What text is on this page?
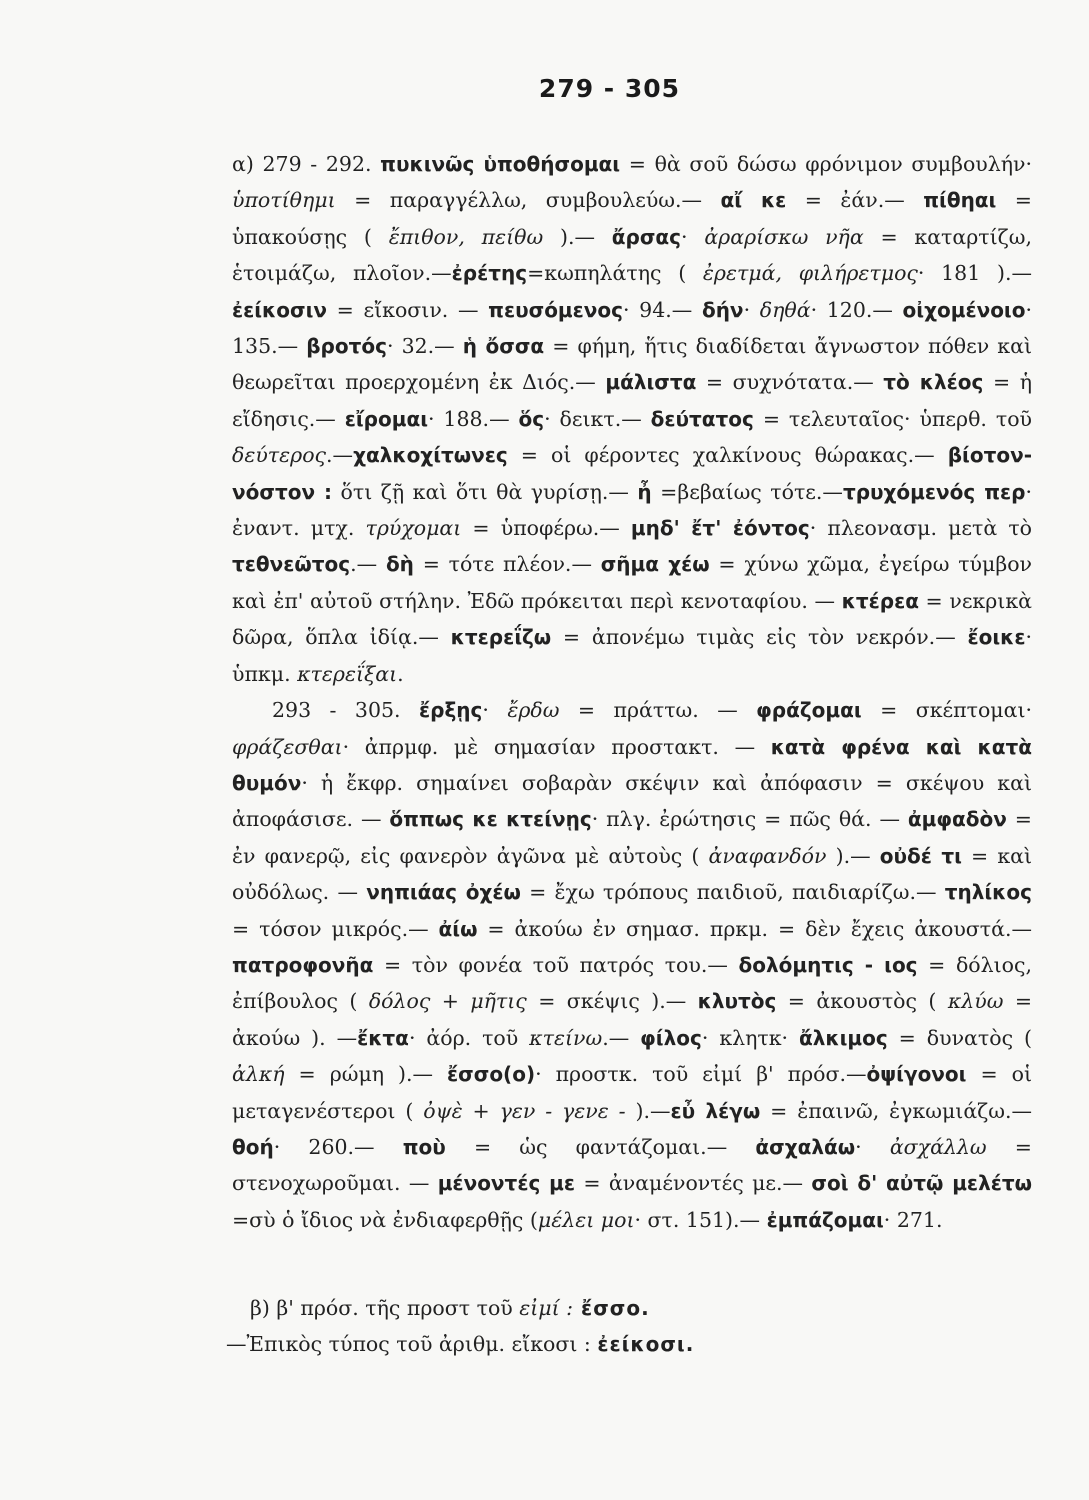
279 - 305

α) 279 - 292. πυκινῶς ὑποθήσομαι = θὰ σοῦ δώσω φρόνιμον συμβουλήν· ὑποτίθημι = παραγγέλλω, συμβουλεύω.— αἴ κε = ἐάν.— πίθηαι = ὑπακούσῃς ( ἔπιθον, πείθω ).— ἄρσας· ἀραρίσκω νῆα = καταρτίζω, ἑτοιμάζω, πλοῖον.—ἐρέτης=κωπηλάτης ( ἐρετμά, φιλήρετμος· 181 ).— ἐείκοσιν = εἴκοσιν. — πευσόμενος· 94.— δήν· δηθά· 120.— οἰχομένοιο· 135.— βροτός· 32.— ἡ ὄσσα = φήμη, ἥτις διαδίδεται ἄγνωστον πόθεν καὶ θεωρεῖται προερχομένη ἐκ Διός.— μάλιστα = συχνότατα.— τὸ κλέος = ἡ εἴδησις.— εἴρομαι· 188.— ὅς· δεικτ.— δεύτατος = τελευταῖος· ὑπερθ. τοῦ δεύτερος.—χαλκοχίτωνες = οἱ φέροντες χαλκίνους θώρακας.— βίοτον-νόστον : ὅτι ζῇ καὶ ὅτι θὰ γυρίσῃ.— ἦ =βεβαίως τότε.—τρυχόμενός περ· ἐναντ. μτχ. τρύχομαι = ὑποφέρω.— μηδ' ἔτ' ἐόντος· πλεονασμ. μετὰ τὸ τεθνεῶτος.— δὴ = τότε πλέον.— σῆμα χέω = χύνω χῶμα, ἐγείρω τύμβον καὶ ἐπ' αὐτοῦ στήλην. Ἐδῶ πρόκειται περὶ κενοταφίου. — κτέρεα = νεκρικὰ δῶρα, ὅπλα ἰδίᾳ.— κτερεΐζω = ἀπονέμω τιμὰς εἰς τὸν νεκρόν.— ἔοικε· ὑπκμ. κτερεΐξαι.

293 - 305. ἔρξῃς· ἔρδω = πράττω. — φράζομαι = σκέπτομαι· φράζεσθαι· ἀπρμφ. μὲ σημασίαν προστακτ. — κατὰ φρένα καὶ κατὰ θυμόν· ἡ ἔκφρ. σημαίνει σοβαρὰν σκέψιν καὶ ἀπόφασιν = σκέψου καὶ ἀποφάσισε. — ὅππως κε κτείνῃς· πλγ. ἐρώτησις = πῶς θά. — ἀμφαδὸν = ἐν φανερῷ, εἰς φανερὸν ἀγῶνα μὲ αὐτοὺς ( ἀναφανδόν ).— οὐδέ τι = καὶ οὐδόλως. — νηπιάας ὀχέω = ἔχω τρόπους παιδιοῦ, παιδιαρίζω.— τηλίκος = τόσον μικρός.— ἀίω = ἀκούω ἐν σημασ. πρκμ. = δὲν ἔχεις ἀκουστά.— πατροφονῆα = τὸν φονέα τοῦ πατρός του.— δολόμητις - ιος = δόλιος, ἐπίβουλος ( δόλος + μῆτις = σκέψις ).— κλυτὸς = ἀκουστὸς ( κλύω = ἀκούω ). —ἔκτα· ἀόρ. τοῦ κτείνω.— φίλος· κλητκ· ἄλκιμος = δυνατὸς ( ἀλκή = ρώμη ).— ἔσσο(ο)· προστκ. τοῦ εἰμί β' πρόσ.—ὀψίγονοι = οἱ μεταγενέστεροι ( ὀψὲ + γεν - γενε - ).—εὖ λέγω = ἐπαινῶ, ἐγκωμιάζω.— θοή· 260.— ποὺ = ὡς φαντάζομαι.— ἀσχαλάω· ἀσχάλλω = στενοχωροῦμαι. — μένοντές με = ἀναμένοντές με.— σοὶ δ' αὐτῷ μελέτω =σὺ ὁ ἴδιος νὰ ἐνδιαφερθῇς (μέλει μοι· στ. 151).— ἐμπάζομαι· 271.

β) β' πρόσ. τῆς προστ τοῦ εἰμί : ἔσσο.

—Ἐπικὸς τύπος τοῦ ἀριθμ. εἴκοσι : ἐείκοσι.
